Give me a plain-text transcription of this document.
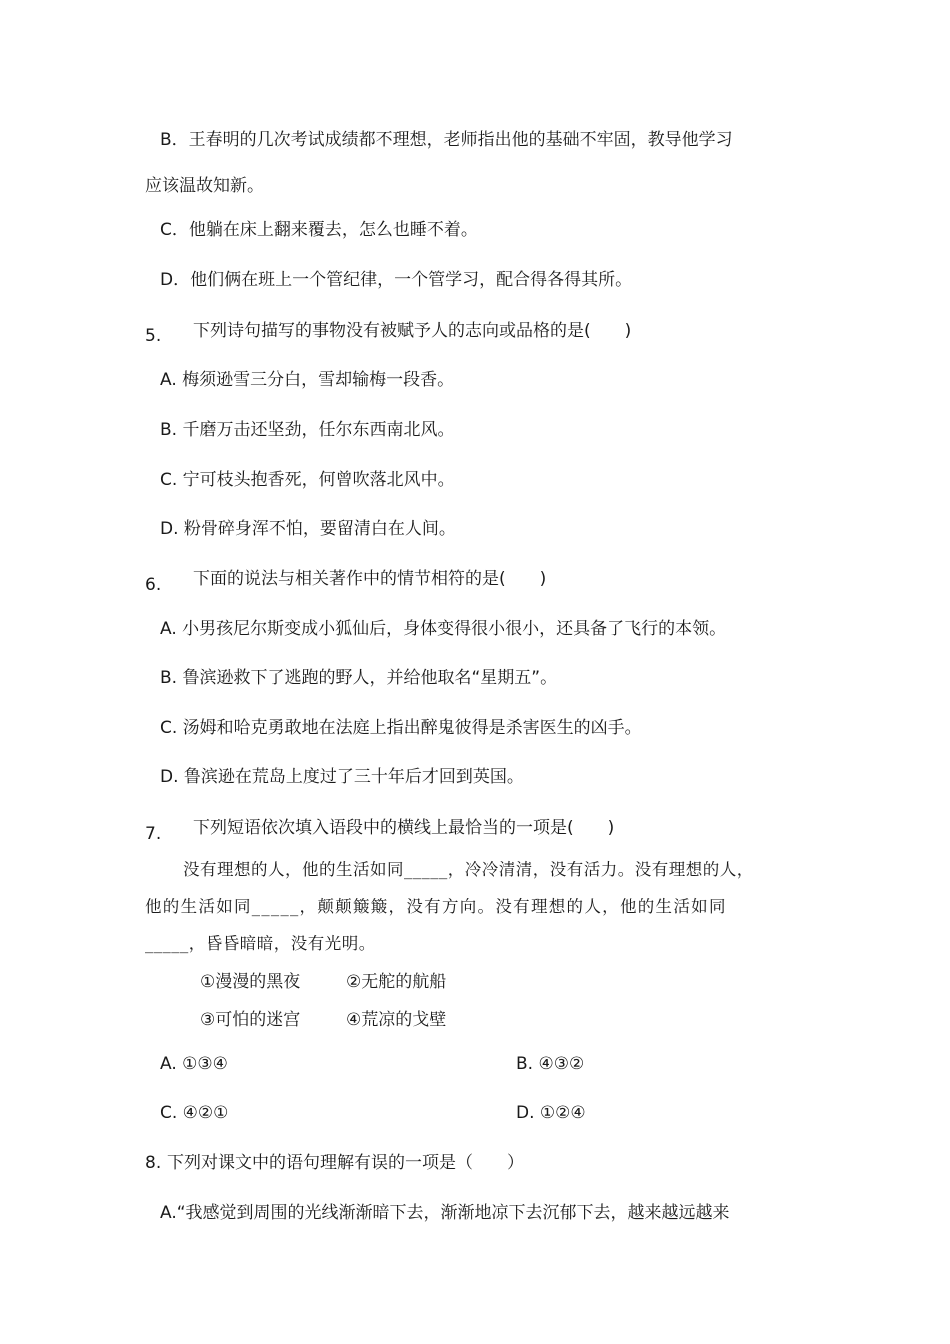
B．王春明的几次考试成绩都不理想，老师指出他的基础不牢固，教导他学习
应该温故知新。
C．他躺在床上翻来覆去，怎么也睡不着。
D．他们俩在班上一个管纪律，一个管学习，配合得各得其所。
5. 下列诗句描写的事物没有被赋予人的志向或品格的是(　　)
A. 梅须逊雪三分白，雪却输梅一段香。
B. 千磨万击还坚劲，任尔东西南北风。
C. 宁可枝头抱香死，何曾吹落北风中。
D. 粉骨碎身浑不怕，要留清白在人间。
6. 下面的说法与相关著作中的情节相符的是(　　)
A. 小男孩尼尔斯变成小狐仙后，身体变得很小很小，还具备了飞行的本领。
B. 鲁滨逊救下了逃跑的野人，并给他取名“星期五”。
C. 汤姆和哈克勇敢地在法庭上指出醉鬼彼得是杀害医生的凶手。
D. 鲁滨逊在荒岛上度过了三十年后才回到英国。
7. 下列短语依次填入语段中的横线上最恰当的一项是(　　)
没有理想的人，他的生活如同_____，冷冷清清，没有活力。没有理想的人，
他的生活如同_____，颠颠簸簸，没有方向。没有理想的人，他的生活如同
_____，昏昏暗暗，没有光明。
①漫漫的黑夜	②无舵的航船
③可怕的迷宫	④荒凉的戈壁
A. ①③④	B. ④③②
C. ④②①	D. ①②④
8. 下列对课文中的语句理解有误的一项是（　　）
A.“我感觉到周围的光线渐渐暗下去，渐渐地凉下去沉郁下去，越来越远越来
